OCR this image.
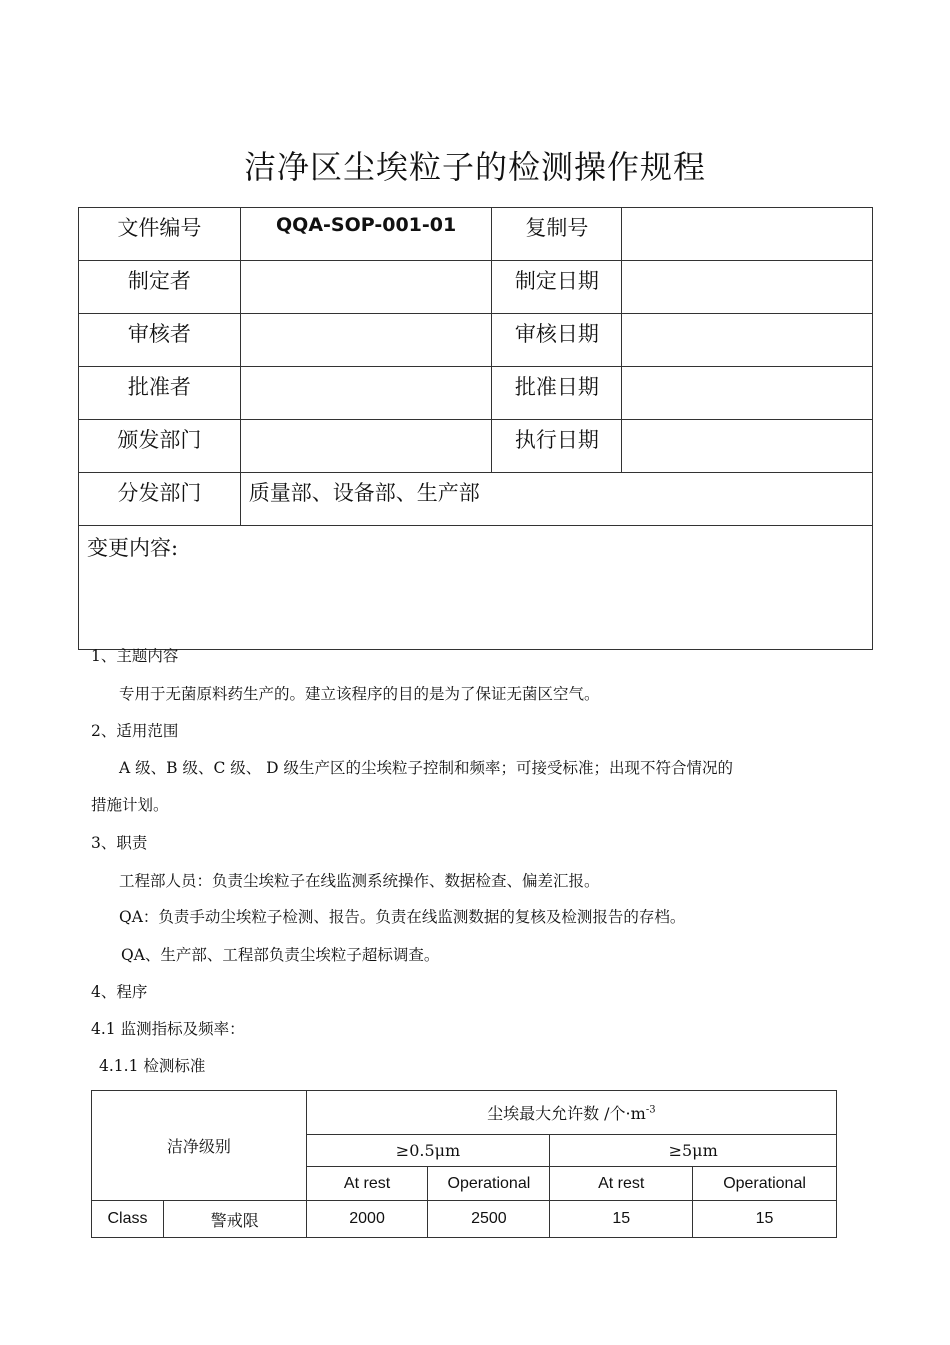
洁净区尘埃粒子的检测操作规程
文件编号	QQA-SOP-001-01	复制号	
制定者		制定日期	
审核者		审核日期	
批准者		批准日期	
颁发部门		执行日期	
分发部门	质量部、设备部、生产部		
变更内容:			
1、主题内容
专用于无菌原料药生产的。建立该程序的目的是为了保证无菌区空气。
2、适用范围
A 级、B 级、C 级、 D 级生产区的尘埃粒子控制和频率；可接受标准；出现不符合情况的
措施计划。
3、职责
工程部人员：负责尘埃粒子在线监测系统操作、数据检查、偏差汇报。
QA：负责手动尘埃粒子检测、报告。负责在线监测数据的复核及检测报告的存档。
QA、生产部、工程部负责尘埃粒子超标调查。
4、程序
4.1 监测指标及频率：
4.1.1 检测标准
洁净级别		尘埃最大允许数 /个$\cdot m^{-3}$
		≥0.5μm		≥5μm	
		At rest	Operational	At rest	Operational
Class	警戒限	2000	2500	15	15
